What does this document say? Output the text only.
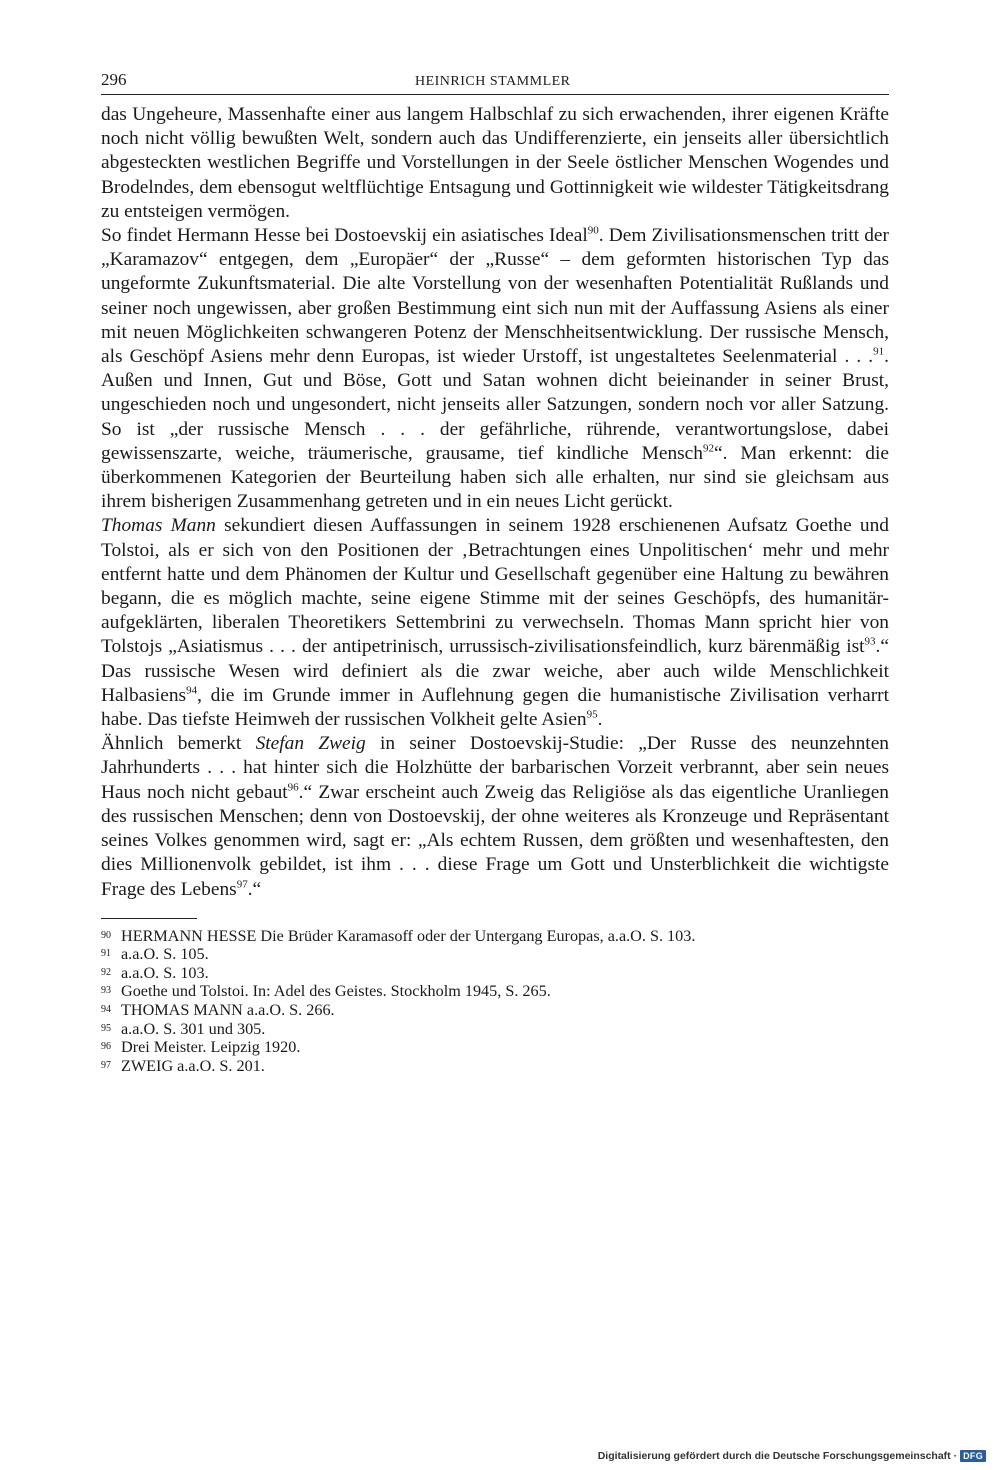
296	HEINRICH STAMMLER

das Ungeheure, Massenhafte einer aus langem Halbschlaf zu sich erwachenden, ihrer eigenen Kräfte noch nicht völlig bewußten Welt, sondern auch das Undifferenzierte, ein jenseits aller übersichtlich abgesteckten westlichen Begriffe und Vorstellungen in der Seele östlicher Menschen Wogendes und Brodelndes, dem ebensogut weltflüchtige Entsagung und Gottinnigkeit wie wildester Tätigkeitsdrang zu entsteigen vermögen.

So findet Hermann Hesse bei Dostoevskij ein asiatisches Ideal$^{90}$. Dem Zivilisationsmenschen tritt der „Karamazov“ entgegen, dem „Europäer“ der „Russe“ – dem geformten historischen Typ das ungeformte Zukunftsmaterial. Die alte Vorstellung von der wesenhaften Potentialität Rußlands und seiner noch ungewissen, aber großen Bestimmung eint sich nun mit der Auffassung Asiens als einer mit neuen Möglichkeiten schwangeren Potenz der Menschheitsentwicklung. Der russische Mensch, als Geschöpf Asiens mehr denn Europas, ist wieder Urstoff, ist ungestaltetes Seelenmaterial . . .$^{91}$. Außen und Innen, Gut und Böse, Gott und Satan wohnen dicht beieinander in seiner Brust, ungeschieden noch und ungesondert, nicht jenseits aller Satzungen, sondern noch vor aller Satzung. So ist „der russische Mensch . . . der gefährliche, rührende, verantwortungslose, dabei gewissenszarte, weiche, träumerische, grausame, tief kindliche Mensch$^{92}$“. Man erkennt: die überkommenen Kategorien der Beurteilung haben sich alle erhalten, nur sind sie gleichsam aus ihrem bisherigen Zusammenhang getreten und in ein neues Licht gerückt.

Thomas Mann sekundiert diesen Auffassungen in seinem 1928 erschienenen Aufsatz Goethe und Tolstoi, als er sich von den Positionen der ‚Betrachtungen eines Unpolitischen‘ mehr und mehr entfernt hatte und dem Phänomen der Kultur und Gesellschaft gegenüber eine Haltung zu bewähren begann, die es möglich machte, seine eigene Stimme mit der seines Geschöpfs, des humanitär-aufgeklärten, liberalen Theoretikers Settembrini zu verwechseln. Thomas Mann spricht hier von Tolstojs „Asiatismus . . . der antipetrinisch, urrussisch-zivilisationsfeindlich, kurz bärenmäßig ist$^{93}$.“ Das russische Wesen wird definiert als die zwar weiche, aber auch wilde Menschlichkeit Halbasiens$^{94}$, die im Grunde immer in Auflehnung gegen die humanistische Zivilisation verharrt habe. Das tiefste Heimweh der russischen Volkheit gelte Asien$^{95}$.

Ähnlich bemerkt Stefan Zweig in seiner Dostoevskij-Studie: „Der Russe des neunzehnten Jahrhunderts . . . hat hinter sich die Holzhütte der barbarischen Vorzeit verbrannt, aber sein neues Haus noch nicht gebaut$^{96}$.“ Zwar erscheint auch Zweig das Religiöse als das eigentliche Uranliegen des russischen Menschen; denn von Dostoevskij, der ohne weiteres als Kronzeuge und Repräsentant seines Volkes genommen wird, sagt er: „Als echtem Russen, dem größten und wesenhaftesten, den dies Millionenvolk gebildet, ist ihm . . . diese Frage um Gott und Unsterblichkeit die wichtigste Frage des Lebens$^{97}$.“

90 HERMANN HESSE Die Brüder Karamasoff oder der Untergang Europas, a.a.O. S. 103.
91 a.a.O. S. 105.
92 a.a.O. S. 103.
93 Goethe und Tolstoi. In: Adel des Geistes. Stockholm 1945, S. 265.
94 THOMAS MANN a.a.O. S. 266.
95 a.a.O. S. 301 und 305.
96 Drei Meister. Leipzig 1920.
97 ZWEIG a.a.O. S. 201.
Digitalisierung gefördert durch die Deutsche Forschungsgemeinschaft · DFG
